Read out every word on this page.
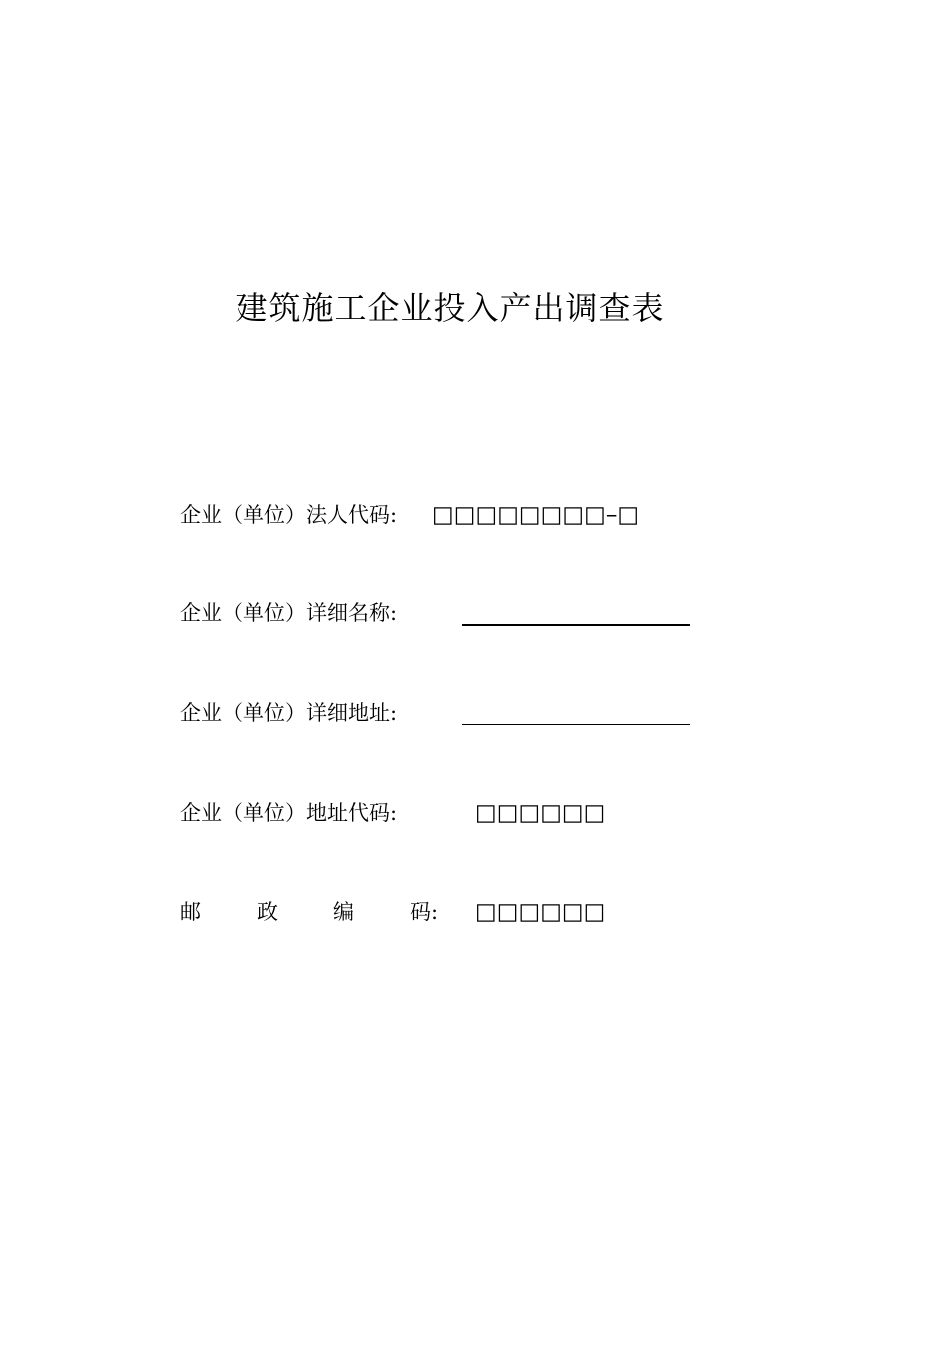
建筑施工企业投入产出调查表
企业（单位）法人代码: □□□□□□□□–□
企业（单位）详细名称:
企业（单位）详细地址:
企业（单位）地址代码:	□□□□□□
邮	政	编	码: □□□□□□
